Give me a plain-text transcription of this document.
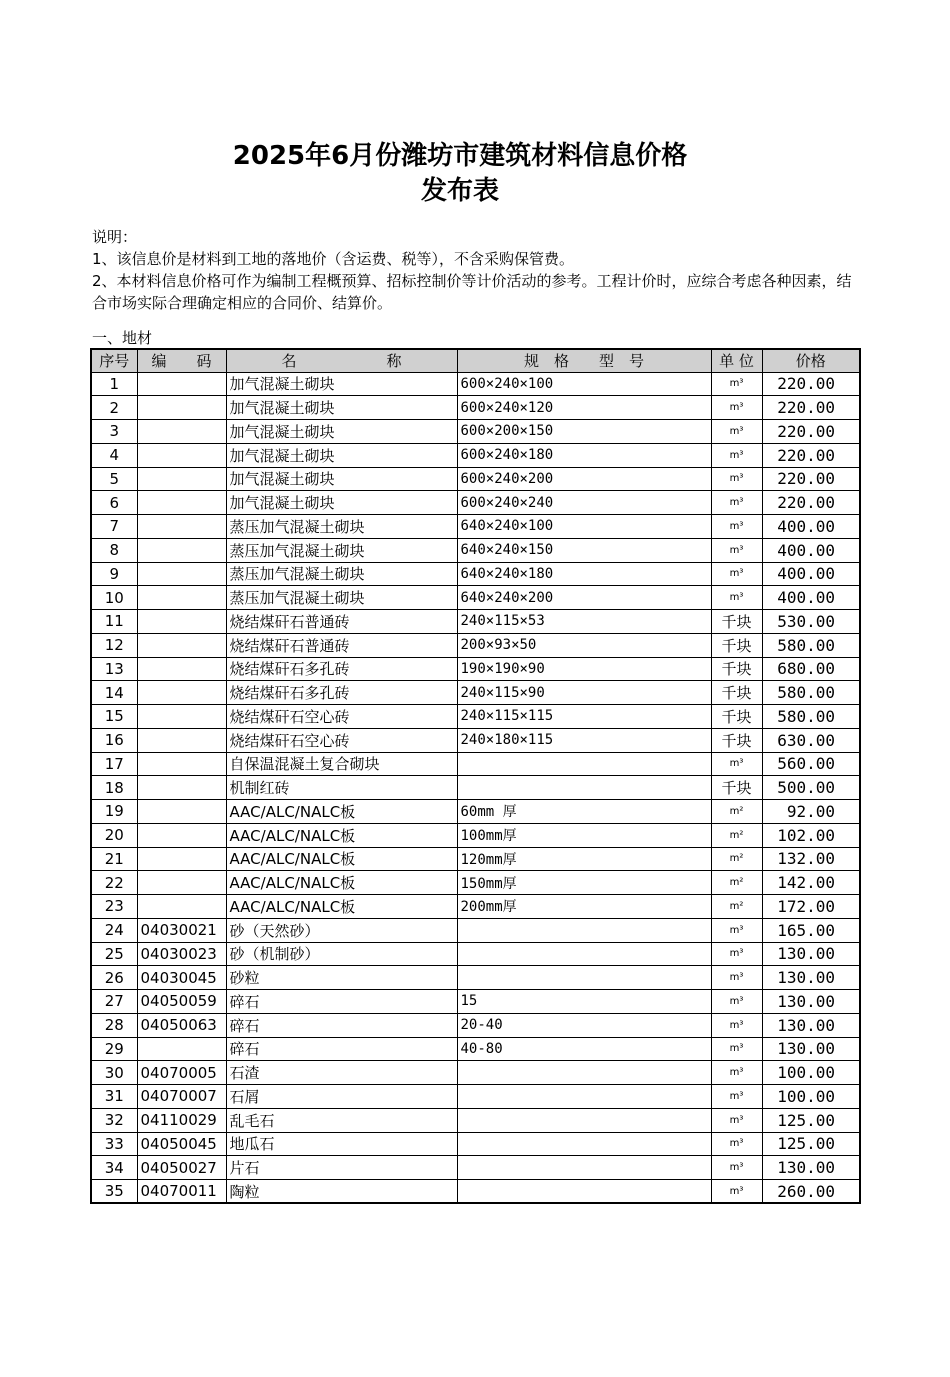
2025年6月份潍坊市建筑材料信息价格
发布表

说明：

1、该信息价是材料到工地的落地价（含运费、税等），不含采购保管费。

2、本材料信息价格可作为编制工程概预算、招标控制价等计价活动的参考。工程计价时，应综合考虑各种因素，结合市场实际合理确定相应的合同价、结算价。

一、地材
序号	编　　码	名　　　　　　称	规　格　　型　号	单 位	价格
1		加气混凝土砌块	600×240×100	m³	220.00
2		加气混凝土砌块	600×240×120	m³	220.00
3		加气混凝土砌块	600×200×150	m³	220.00
4		加气混凝土砌块	600×240×180	m³	220.00
5		加气混凝土砌块	600×240×200	m³	220.00
6		加气混凝土砌块	600×240×240	m³	220.00
7		蒸压加气混凝土砌块	640×240×100	m³	400.00
8		蒸压加气混凝土砌块	640×240×150	m³	400.00
9		蒸压加气混凝土砌块	640×240×180	m³	400.00
10		蒸压加气混凝土砌块	640×240×200	m³	400.00
11		烧结煤矸石普通砖	240×115×53	千块	530.00
12		烧结煤矸石普通砖	200×93×50	千块	580.00
13		烧结煤矸石多孔砖	190×190×90	千块	680.00
14		烧结煤矸石多孔砖	240×115×90	千块	580.00
15		烧结煤矸石空心砖	240×115×115	千块	580.00
16		烧结煤矸石空心砖	240×180×115	千块	630.00
17		自保温混凝土复合砌块		m³	560.00
18		机制红砖		千块	500.00
19		AAC/ALC/NALC板	60mm 厚	m²	92.00
20		AAC/ALC/NALC板	100mm厚	m²	102.00
21		AAC/ALC/NALC板	120mm厚	m²	132.00
22		AAC/ALC/NALC板	150mm厚	m²	142.00
23		AAC/ALC/NALC板	200mm厚	m²	172.00
24	04030021	砂（天然砂）		m³	165.00
25	04030023	砂（机制砂）		m³	130.00
26	04030045	砂粒		m³	130.00
27	04050059	碎石	15	m³	130.00
28	04050063	碎石	20-40	m³	130.00
29		碎石	40-80	m³	130.00
30	04070005	石渣		m³	100.00
31	04070007	石屑		m³	100.00
32	04110029	乱毛石		m³	125.00
33	04050045	地瓜石		m³	125.00
34	04050027	片石		m³	130.00
35	04070011	陶粒		m³	260.00
